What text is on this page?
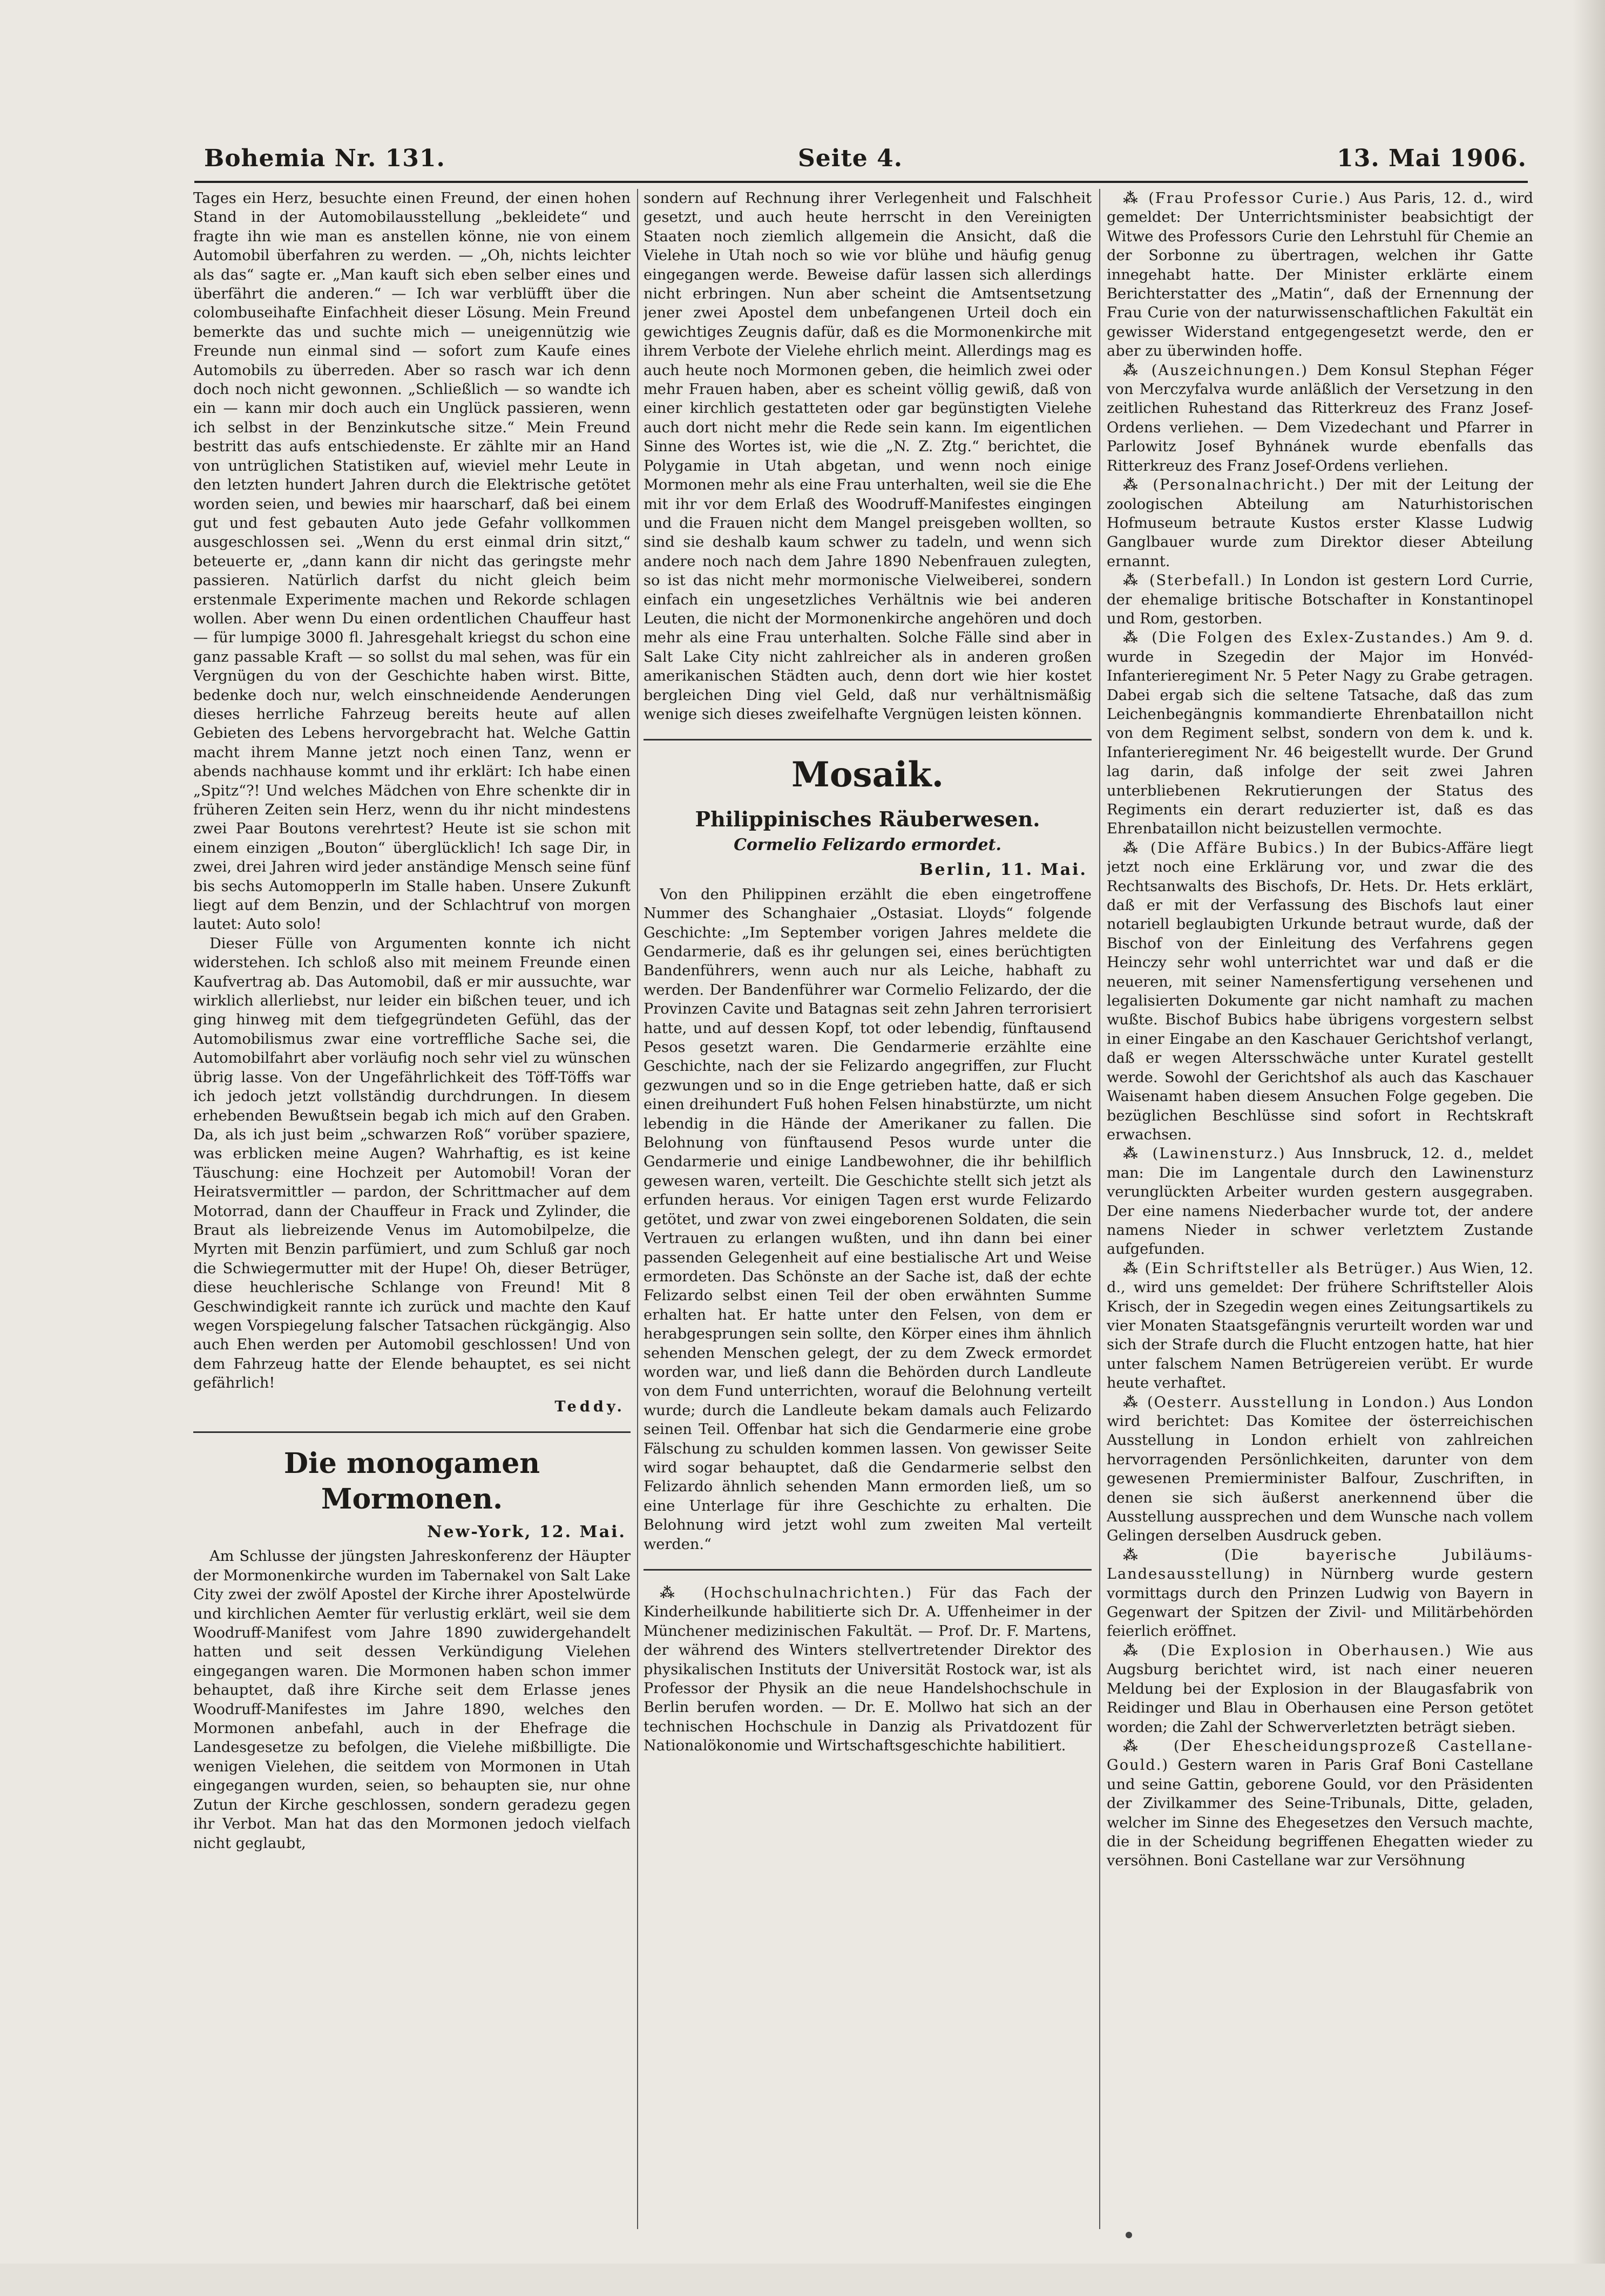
Bohemia Nr. 131.	Seite 4.	13. Mai 1906.

Tages ein Herz, besuchte einen Freund, der einen hohen Stand in der Automobilausstellung „bekleidete“ und fragte ihn wie man es anstellen könne, nie von einem Automobil überfahren zu werden. — „Oh, nichts leichter als das“ sagte er. „Man kauft sich eben selber eines und überfährt die anderen.“ — Ich war verblüfft über die colombuseihafte Einfachheit dieser Lösung. Mein Freund bemerkte das und suchte mich — uneigennützig wie Freunde nun einmal sind — sofort zum Kaufe eines Automobils zu überreden. Aber so rasch war ich denn doch noch nicht gewonnen. „Schließlich — so wandte ich ein — kann mir doch auch ein Unglück passieren, wenn ich selbst in der Benzinkutsche sitze.“ Mein Freund bestritt das aufs entschiedenste. Er zählte mir an Hand von untrüglichen Statistiken auf, wieviel mehr Leute in den letzten hundert Jahren durch die Elektrische getötet worden seien, und bewies mir haarscharf, daß bei einem gut und fest gebauten Auto jede Gefahr vollkommen ausgeschlossen sei. „Wenn du erst einmal drin sitzt,“ beteuerte er, „dann kann dir nicht das geringste mehr passieren. Natürlich darfst du nicht gleich beim erstenmale Experimente machen und Rekorde schlagen wollen. Aber wenn Du einen ordentlichen Chauffeur hast — für lumpige 3000 fl. Jahresgehalt kriegst du schon eine ganz passable Kraft — so sollst du mal sehen, was für ein Vergnügen du von der Geschichte haben wirst. Bitte, bedenke doch nur, welch einschneidende Aenderungen dieses herrliche Fahrzeug bereits heute auf allen Gebieten des Lebens hervorgebracht hat. Welche Gattin macht ihrem Manne jetzt noch einen Tanz, wenn er abends nachhause kommt und ihr erklärt: Ich habe einen „Spitz“?! Und welches Mädchen von Ehre schenkte dir in früheren Zeiten sein Herz, wenn du ihr nicht mindestens zwei Paar Boutons verehrtest? Heute ist sie schon mit einem einzigen „Bouton“ überglücklich! Ich sage Dir, in zwei, drei Jahren wird jeder anständige Mensch seine fünf bis sechs Automopperln im Stalle haben. Unsere Zukunft liegt auf dem Benzin, und der Schlachtruf von morgen lautet: Auto solo!

Dieser Fülle von Argumenten konnte ich nicht widerstehen. Ich schloß also mit meinem Freunde einen Kaufvertrag ab. Das Automobil, daß er mir aussuchte, war wirklich allerliebst, nur leider ein bißchen teuer, und ich ging hinweg mit dem tiefgegründeten Gefühl, das der Automobilismus zwar eine vortreffliche Sache sei, die Automobilfahrt aber vorläufig noch sehr viel zu wünschen übrig lasse. Von der Ungefährlichkeit des Töff-Töffs war ich jedoch jetzt vollständig durchdrungen. In diesem erhebenden Bewußtsein begab ich mich auf den Graben. Da, als ich just beim „schwarzen Roß“ vorüber spaziere, was erblicken meine Augen? Wahrhaftig, es ist keine Täuschung: eine Hochzeit per Automobil! Voran der Heiratsvermittler — pardon, der Schrittmacher auf dem Motorrad, dann der Chauffeur in Frack und Zylinder, die Braut als liebreizende Venus im Automobilpelze, die Myrten mit Benzin parfümiert, und zum Schluß gar noch die Schwiegermutter mit der Hupe! Oh, dieser Betrüger, diese heuchlerische Schlange von Freund! Mit 8 Geschwindigkeit rannte ich zurück und machte den Kauf wegen Vorspiegelung falscher Tatsachen rückgängig. Also auch Ehen werden per Automobil geschlossen! Und von dem Fahrzeug hatte der Elende behauptet, es sei nicht gefährlich!

Teddy.
Die monogamen Mormonen.
New-York, 12. Mai.

Am Schlusse der jüngsten Jahreskonferenz der Häupter der Mormonenkirche wurden im Tabernakel von Salt Lake City zwei der zwölf Apostel der Kirche ihrer Apostelwürde und kirchlichen Aemter für verlustig erklärt, weil sie dem Woodruff-Manifest vom Jahre 1890 zuwidergehandelt hatten und seit dessen Verkündigung Vielehen eingegangen waren. Die Mormonen haben schon immer behauptet, daß ihre Kirche seit dem Erlasse jenes Woodruff-Manifestes im Jahre 1890, welches den Mormonen anbefahl, auch in der Ehefrage die Landesgesetze zu befolgen, die Vielehe mißbilligte. Die wenigen Vielehen, die seitdem von Mormonen in Utah eingegangen wurden, seien, so behaupten sie, nur ohne Zutun der Kirche geschlossen, sondern geradezu gegen ihr Verbot. Man hat das den Mormonen jedoch vielfach nicht geglaubt,

sondern auf Rechnung ihrer Verlegenheit und Falschheit gesetzt, und auch heute herrscht in den Vereinigten Staaten noch ziemlich allgemein die Ansicht, daß die Vielehe in Utah noch so wie vor blühe und häufig genug eingegangen werde. Beweise dafür lassen sich allerdings nicht erbringen. Nun aber scheint die Amtsentsetzung jener zwei Apostel dem unbefangenen Urteil doch ein gewichtiges Zeugnis dafür, daß es die Mormonenkirche mit ihrem Verbote der Vielehe ehrlich meint. Allerdings mag es auch heute noch Mormonen geben, die heimlich zwei oder mehr Frauen haben, aber es scheint völlig gewiß, daß von einer kirchlich gestatteten oder gar begünstigten Vielehe auch dort nicht mehr die Rede sein kann. Im eigentlichen Sinne des Wortes ist, wie die „N. Z. Ztg.“ berichtet, die Polygamie in Utah abgetan, und wenn noch einige Mormonen mehr als eine Frau unterhalten, weil sie die Ehe mit ihr vor dem Erlaß des Woodruff-Manifestes eingingen und die Frauen nicht dem Mangel preisgeben wollten, so sind sie deshalb kaum schwer zu tadeln, und wenn sich andere noch nach dem Jahre 1890 Nebenfrauen zulegten, so ist das nicht mehr mormonische Vielweiberei, sondern einfach ein ungesetzliches Verhältnis wie bei anderen Leuten, die nicht der Mormonenkirche angehören und doch mehr als eine Frau unterhalten. Solche Fälle sind aber in Salt Lake City nicht zahlreicher als in anderen großen amerikanischen Städten auch, denn dort wie hier kostet bergleichen Ding viel Geld, daß nur verhältnismäßig wenige sich dieses zweifelhafte Vergnügen leisten können.

Mosaik.
Philippinisches Räuberwesen.
Cormelio Felizardo ermordet.
Berlin, 11. Mai.

Von den Philippinen erzählt die eben eingetroffene Nummer des Schanghaier „Ostasiat. Lloyds“ folgende Geschichte: „Im September vorigen Jahres meldete die Gendarmerie, daß es ihr gelungen sei, eines berüchtigten Bandenführers, wenn auch nur als Leiche, habhaft zu werden. Der Bandenführer war Cormelio Felizardo, der die Provinzen Cavite und Batagnas seit zehn Jahren terrorisiert hatte, und auf dessen Kopf, tot oder lebendig, fünftausend Pesos gesetzt waren. Die Gendarmerie erzählte eine Geschichte, nach der sie Felizardo angegriffen, zur Flucht gezwungen und so in die Enge getrieben hatte, daß er sich einen dreihundert Fuß hohen Felsen hinabstürzte, um nicht lebendig in die Hände der Amerikaner zu fallen. Die Belohnung von fünftausend Pesos wurde unter die Gendarmerie und einige Landbewohner, die ihr behilflich gewesen waren, verteilt. Die Geschichte stellt sich jetzt als erfunden heraus. Vor einigen Tagen erst wurde Felizardo getötet, und zwar von zwei eingeborenen Soldaten, die sein Vertrauen zu erlangen wußten, und ihn dann bei einer passenden Gelegenheit auf eine bestialische Art und Weise ermordeten. Das Schönste an der Sache ist, daß der echte Felizardo selbst einen Teil der oben erwähnten Summe erhalten hat. Er hatte unter den Felsen, von dem er herabgesprungen sein sollte, den Körper eines ihm ähnlich sehenden Menschen gelegt, der zu dem Zweck ermordet worden war, und ließ dann die Behörden durch Landleute von dem Fund unterrichten, worauf die Belohnung verteilt wurde; durch die Landleute bekam damals auch Felizardo seinen Teil. Offenbar hat sich die Gendarmerie eine grobe Fälschung zu schulden kommen lassen. Von gewisser Seite wird sogar behauptet, daß die Gendarmerie selbst den Felizardo ähnlich sehenden Mann ermorden ließ, um so eine Unterlage für ihre Geschichte zu erhalten. Die Belohnung wird jetzt wohl zum zweiten Mal verteilt werden.“

⁂ (Hochschulnachrichten.) Für das Fach der Kinderheilkunde habilitierte sich Dr. A. Uffenheimer in der Münchener medizinischen Fakultät. — Prof. Dr. F. Martens, der während des Winters stellvertretender Direktor des physikalischen Instituts der Universität Rostock war, ist als Professor der Physik an die neue Handelshochschule in Berlin berufen worden. — Dr. E. Mollwo hat sich an der technischen Hochschule in Danzig als Privatdozent für Nationalökonomie und Wirtschaftsgeschichte habilitiert.

⁂ (Frau Professor Curie.) Aus Paris, 12. d., wird gemeldet: Der Unterrichtsminister beabsichtigt der Witwe des Professors Curie den Lehrstuhl für Chemie an der Sorbonne zu übertragen, welchen ihr Gatte innegehabt hatte. Der Minister erklärte einem Berichterstatter des „Matin“, daß der Ernennung der Frau Curie von der naturwissenschaftlichen Fakultät ein gewisser Widerstand entgegengesetzt werde, den er aber zu überwinden hoffe.

⁂ (Auszeichnungen.) Dem Konsul Stephan Féger von Merczyfalva wurde anläßlich der Versetzung in den zeitlichen Ruhestand das Ritterkreuz des Franz Josef-Ordens verliehen. — Dem Vizedechant und Pfarrer in Parlowitz Josef Byhnánek wurde ebenfalls das Ritterkreuz des Franz Josef-Ordens verliehen.

⁂ (Personalnachricht.) Der mit der Leitung der zoologischen Abteilung am Naturhistorischen Hofmuseum betraute Kustos erster Klasse Ludwig Ganglbauer wurde zum Direktor dieser Abteilung ernannt.

⁂ (Sterbefall.) In London ist gestern Lord Currie, der ehemalige britische Botschafter in Konstantinopel und Rom, gestorben.

⁂ (Die Folgen des Exlex-Zustandes.) Am 9. d. wurde in Szegedin der Major im Honvéd-Infanterieregiment Nr. 5 Peter Nagy zu Grabe getragen. Dabei ergab sich die seltene Tatsache, daß das zum Leichenbegängnis kommandierte Ehrenbataillon nicht von dem Regiment selbst, sondern von dem k. und k. Infanterieregiment Nr. 46 beigestellt wurde. Der Grund lag darin, daß infolge der seit zwei Jahren unterbliebenen Rekrutierungen der Status des Regiments ein derart reduzierter ist, daß es das Ehrenbataillon nicht beizustellen vermochte.

⁂ (Die Affäre Bubics.) In der Bubics-Affäre liegt jetzt noch eine Erklärung vor, und zwar die des Rechtsanwalts des Bischofs, Dr. Hets. Dr. Hets erklärt, daß er mit der Verfassung des Bischofs laut einer notariell beglaubigten Urkunde betraut wurde, daß der Bischof von der Einleitung des Verfahrens gegen Heinczy sehr wohl unterrichtet war und daß er die neueren, mit seiner Namensfertigung versehenen und legalisierten Dokumente gar nicht namhaft zu machen wußte. Bischof Bubics habe übrigens vorgestern selbst in einer Eingabe an den Kaschauer Gerichtshof verlangt, daß er wegen Altersschwäche unter Kuratel gestellt werde. Sowohl der Gerichtshof als auch das Kaschauer Waisenamt haben diesem Ansuchen Folge gegeben. Die bezüglichen Beschlüsse sind sofort in Rechtskraft erwachsen.

⁂ (Lawinensturz.) Aus Innsbruck, 12. d., meldet man: Die im Langentale durch den Lawinensturz verunglückten Arbeiter wurden gestern ausgegraben. Der eine namens Niederbacher wurde tot, der andere namens Nieder in schwer verletztem Zustande aufgefunden.

⁂ (Ein Schriftsteller als Betrüger.) Aus Wien, 12. d., wird uns gemeldet: Der frühere Schriftsteller Alois Krisch, der in Szegedin wegen eines Zeitungsartikels zu vier Monaten Staatsgefängnis verurteilt worden war und sich der Strafe durch die Flucht entzogen hatte, hat hier unter falschem Namen Betrügereien verübt. Er wurde heute verhaftet.

⁂ (Oesterr. Ausstellung in London.) Aus London wird berichtet: Das Komitee der österreichischen Ausstellung in London erhielt von zahlreichen hervorragenden Persönlichkeiten, darunter von dem gewesenen Premierminister Balfour, Zuschriften, in denen sie sich äußerst anerkennend über die Ausstellung aussprechen und dem Wunsche nach vollem Gelingen derselben Ausdruck geben.

⁂ (Die bayerische Jubiläums-Landesausstellung) in Nürnberg wurde gestern vormittags durch den Prinzen Ludwig von Bayern in Gegenwart der Spitzen der Zivil- und Militärbehörden feierlich eröffnet.

⁂ (Die Explosion in Oberhausen.) Wie aus Augsburg berichtet wird, ist nach einer neueren Meldung bei der Explosion in der Blaugasfabrik von Reidinger und Blau in Oberhausen eine Person getötet worden; die Zahl der Schwerverletzten beträgt sieben.

⁂ (Der Ehescheidungsprozeß Castellane-Gould.) Gestern waren in Paris Graf Boni Castellane und seine Gattin, geborene Gould, vor den Präsidenten der Zivilkammer des Seine-Tribunals, Ditte, geladen, welcher im Sinne des Ehegesetzes den Versuch machte, die in der Scheidung begriffenen Ehegatten wieder zu versöhnen. Boni Castellane war zur Versöhnung
